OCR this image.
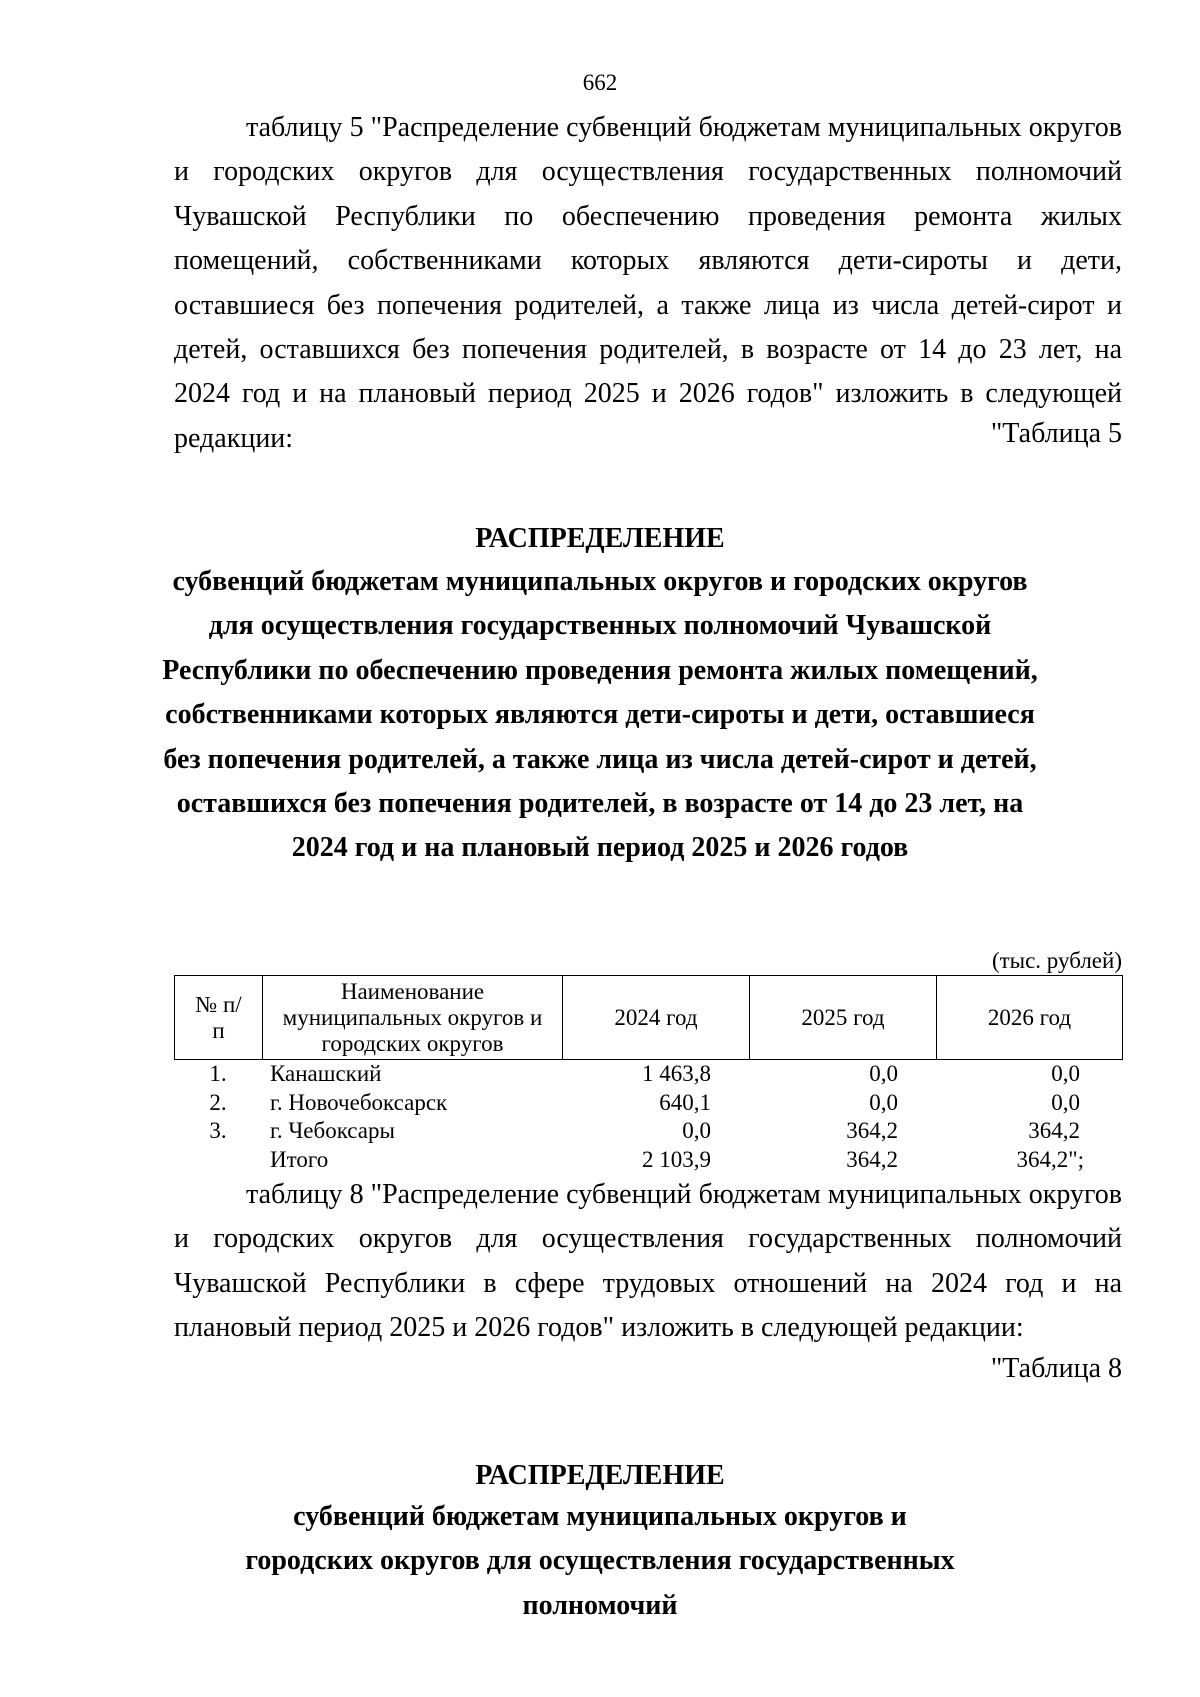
662

таблицу 5 "Распределение субвенций бюджетам муниципальных округов и городских округов для осуществления государственных полномочий Чувашской Республики по обеспечению проведения ремонта жилых помещений, собственниками которых являются дети-сироты и дети, оставшиеся без попечения родителей, а также лица из числа детей-сирот и детей, оставшихся без попечения родителей, в возрасте от 14 до 23 лет, на 2024 год и на плановый период 2025 и 2026 годов" изложить в следующей редакции:	"Таблица 5
РАСПРЕДЕЛЕНИЕ

субвенций бюджетам муниципальных округов и городских округов для осуществления государственных полномочий Чувашской Республики по обеспечению проведения ремонта жилых помещений, собственниками которых являются дети-сироты и дети, оставшиеся без попечения родителей, а также лица из числа детей-сирот и детей, оставшихся без попечения родителей, в возрасте от 14 до 23 лет, на 2024 год и на плановый период 2025 и 2026 годов

(тыс. рублей)
№ п/п	Наименование муниципальных округов и городских округов	2024 год	2025 год	2026 год
1.	Канашский	1 463,8	0,0	0,0
2.	г. Новочебоксарск	640,1	0,0	0,0
3.	г. Чебоксары	0,0	364,2	364,2
	Итого	2 103,9	364,2	364,2";

таблицу 8 "Распределение субвенций бюджетам муниципальных округов и городских округов для осуществления государственных полномочий Чувашской Республики в сфере трудовых отношений на 2024 год и на плановый период 2025 и 2026 годов" изложить в следующей редакции:

"Таблица 8
РАСПРЕДЕЛЕНИЕ

субвенций бюджетам муниципальных округов и городских округов для осуществления государственных полномочий
